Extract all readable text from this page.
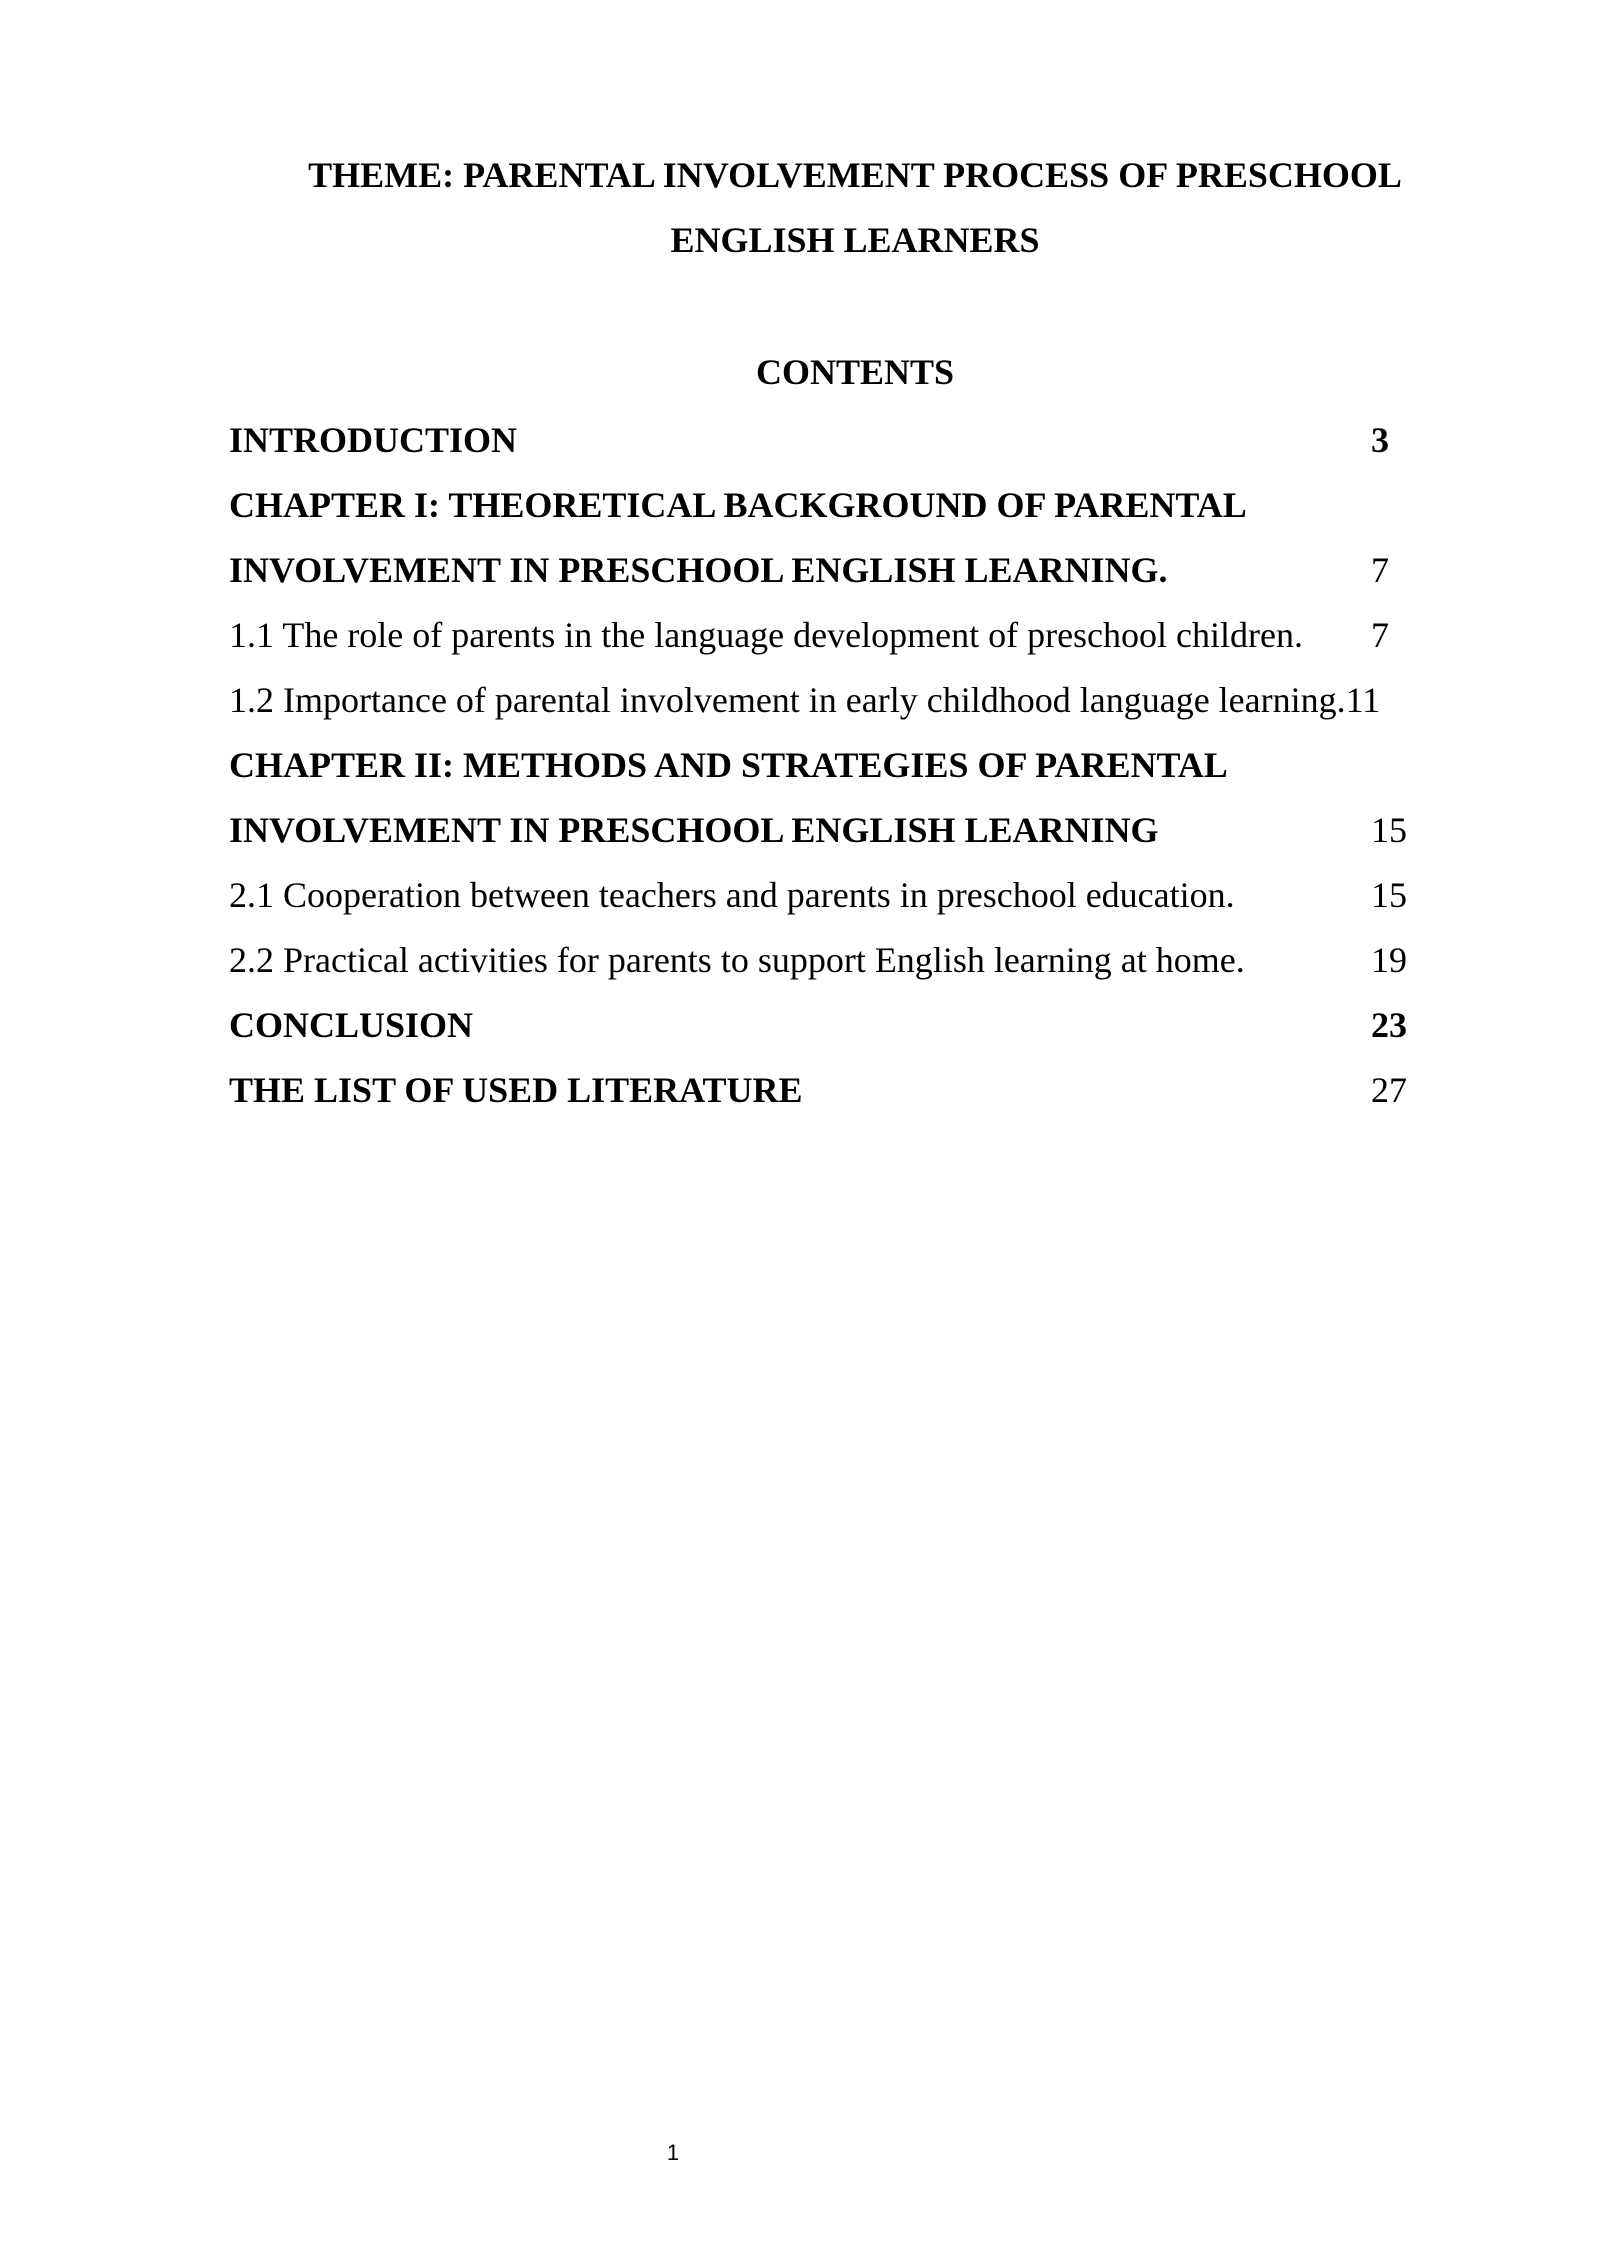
THEME: PARENTAL INVOLVEMENT PROCESS OF PRESCHOOL
ENGLISH LEARNERS
CONTENTS
INTRODUCTION	3
CHAPTER I: THEORETICAL BACKGROUND OF PARENTAL
INVOLVEMENT IN PRESCHOOL ENGLISH LEARNING.	7
1.1 The role of parents in the language development of preschool children. 7
1.2 Importance of parental involvement in early childhood language learning.11
CHAPTER II: METHODS AND STRATEGIES OF PARENTAL
INVOLVEMENT IN PRESCHOOL ENGLISH LEARNING	15
2.1 Cooperation between teachers and parents in preschool education.	15
2.2 Practical activities for parents to support English learning at home.	19
CONCLUSION	23
THE LIST OF USED LITERATURE	27
1
